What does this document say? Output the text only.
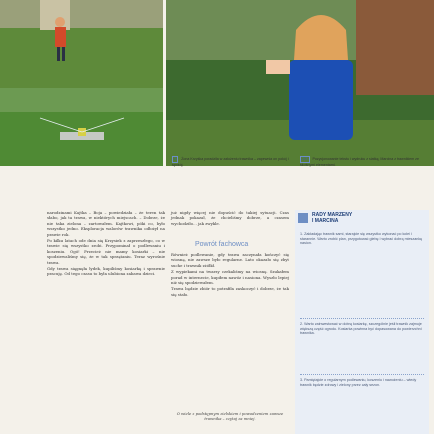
1 Żona Krzyśka poradziła w założeniu trawnika – zapewnia on pokój i spokój.
2|3 Pozycjonowanie tekstu i wydruku z siatką; Marcina z trawnikiem ze skośnymi elementami.

narodzinami Kajtka – Boja – powiedziała – że teren tak słabo, jak ta trawa, w niektórych miejscach. – Dobrze, że nie taka zielona – zartowałem. Kajtkowi, póki co, było wszystko jedno. Eksploracja walorów trawnika odłożył na prawie rok.

Po kilku latach ode dnia się Krzysiek z zaprzeszłego, co w trawie się wszystko zrobi. Przypominał o podlewaniu i koszeniu. Ogó! Przecież nie mamy kosiarki – nie spodziewaliśmy się, że w tak sprzątaniu. Teraz wyrośnie trawa.

Gdy trawa sięgnęła łydek, kupiliśmy kosiarkę i sprawnie pracuję. Od tego czasu to była ulubiona zabawa dzieci.

już nigdy więcej nie dopuścić do takiej sytuacji. Czas jednak pokazał, że chcieliśmy dobrze, a czasem wychodziło… jak zwykle.

Powrót fachowca

Również podlewanie, gdy trawa zaczynała kończyć się wiosną, nie zawsze było regularne. Lato okazało się zbyt suche i trawnik zżółkł.

Z wypiekami na twarzy czekaliśmy na wiosnę. Szukałem porad w internecie, kupiłem nawóz i nasiona. Wyszło lepiej niż się spodziewałem.

Trawa będzie zbiór to potrafiła zaskoczyć i dobrze, że tak się stało.

O wiele z podstępnym zielskiem i powodzeniem zawsze trawnika – czytaj za mniej.
RADY MARZENY
I MARCINA
1. Zakładając trawnik sami, starajcie się wszystko wykonać po kolei i starannie. Warto zrobić plan, przygotować glebę i wybrać dobrą mieszankę nasion.
2. Warto zainwestować w dobrą kosiarkę, szczególnie jeśli trawnik zajmuje większą część ogrodu. Kosiarka powinna być dopasowana do powierzchni trawnika.
3. Pamiętajcie o regularnym podlewaniu, koszeniu i nawożeniu – wtedy trawnik będzie zdrowy i zielony przez cały sezon.
